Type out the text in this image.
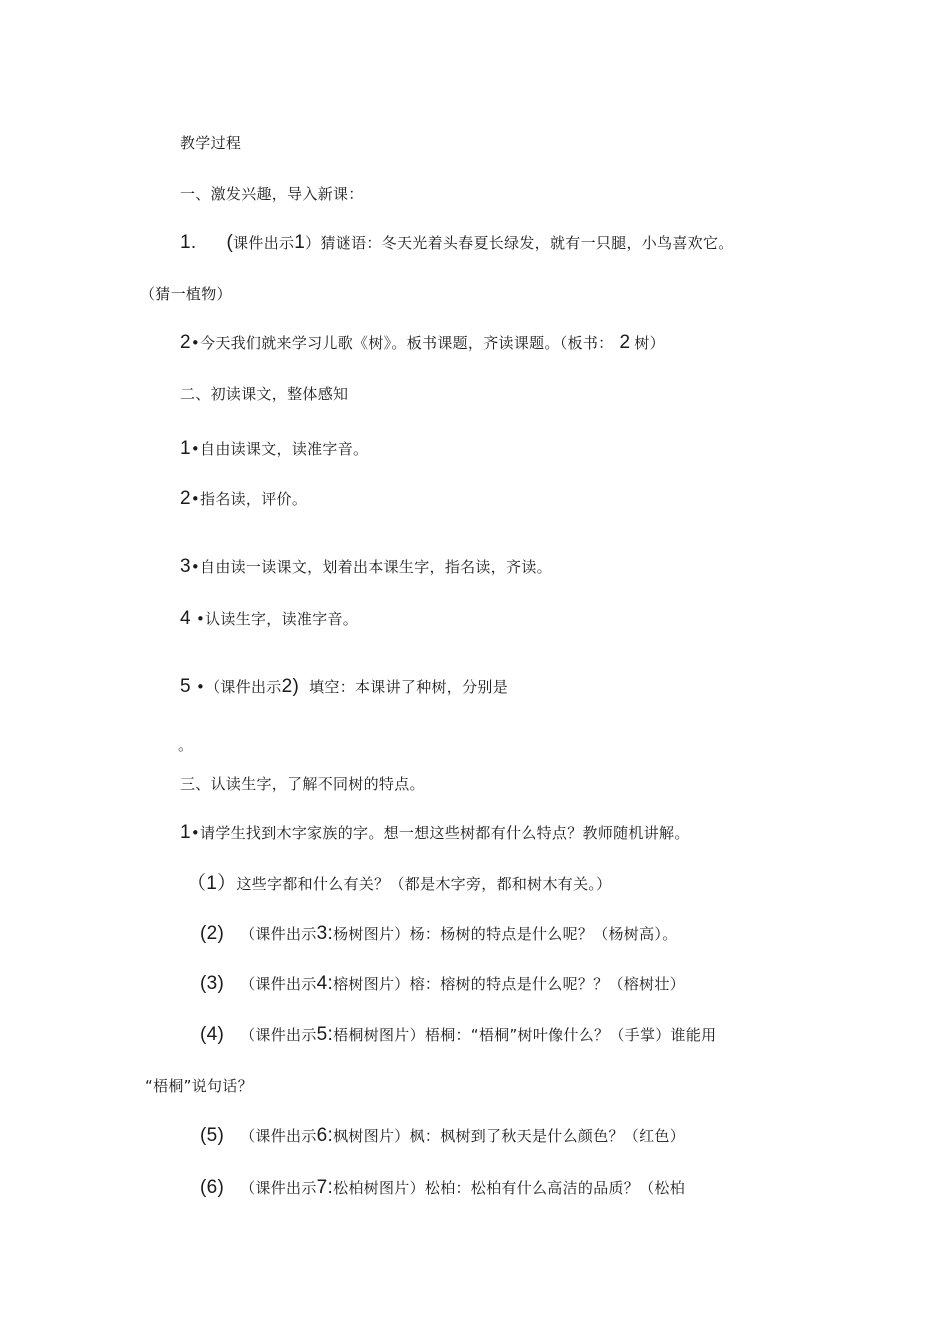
教学过程
一、激发兴趣，导入新课：
1. (课件出示1）猜谜语：冬天光着头春夏长绿发，就有一只腿，小鸟喜欢它。
（猜一植物）
2•今天我们就来学习儿歌《树》。板书课题，齐读课题。（板书： 2 树）
二、初读课文，整体感知
1•自由读课文，读准字音。
2•指名读，评价。
3•自由读一读课文，划着出本课生字，指名读，齐读。
4 •认读生字，读准字音。
5 •（课件出示2) 填空：本课讲了种树，分别是
。
三、认读生字，了解不同树的特点。
1•请学生找到木字家族的字。想一想这些树都有什么特点？教师随机讲解。
（1）这些字都和什么有关？（都是木字旁，都和树木有关。）
(2) （课件出示3:杨树图片）杨：杨树的特点是什么呢？（杨树高）。
(3) （课件出示4:榕树图片）榕：榕树的特点是什么呢？？（榕树壮）
(4) （课件出示5:梧桐树图片）梧桐：“梧桐”树叶像什么？（手掌）谁能用
“梧桐”说句话？
(5) （课件出示6:枫树图片）枫：枫树到了秋天是什么颜色？（红色）
(6) （课件出示7:松柏树图片）松柏：松柏有什么高洁的品质？（松柏
